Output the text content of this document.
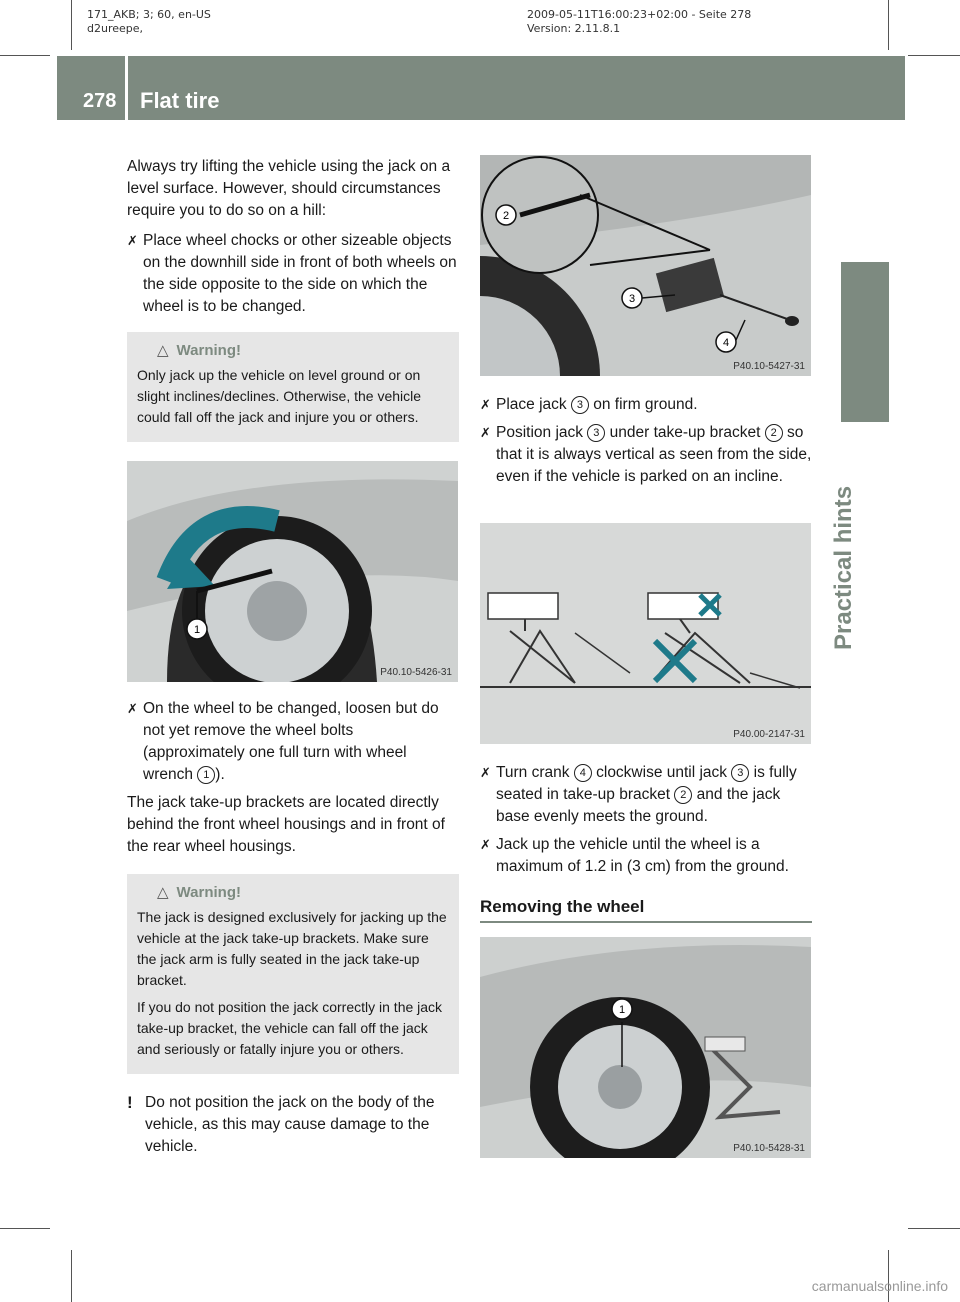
171_AKB; 3; 60, en-US
d2ureepe,
2009-05-11T16:00:23+02:00 - Seite 278
Version: 2.11.8.1
278 Flat tire
Practical hints

Always try lifting the vehicle using the jack on a level surface. However, should circumstances require you to do so on a hill:

✗ Place wheel chocks or other sizeable objects on the downhill side in front of both wheels on the side opposite to the side on which the wheel is to be changed.
△ Warning!

Only jack up the vehicle on level ground or on slight inclines/declines. Otherwise, the vehicle could fall off the jack and injure you or others.

1
P40.10-5426-31
✗ On the wheel to be changed, loosen but do not yet remove the wheel bolts (approximately one full turn with wheel wrench 1 ).

The jack take-up brackets are located directly behind the front wheel housings and in front of the rear wheel housings.

△ Warning!

The jack is designed exclusively for jacking up the vehicle at the jack take-up brackets. Make sure the jack arm is fully seated in the jack take-up bracket.

If you do not position the jack correctly in the jack take-up bracket, the vehicle can fall off the jack and seriously or fatally injure you or others.

! Do not position the jack on the body of the vehicle, as this may cause damage to the vehicle.
2
3
4
P40.10-5427-31
✗ Place jack 3 on firm ground.
✗ Position jack 3 under take-up bracket 2 so that it is always vertical as seen from the side, even if the vehicle is parked on an incline.
P40.00-2147-31
✗ Turn crank 4 clockwise until jack 3 is fully seated in take-up bracket 2 and the jack base evenly meets the ground.
✗ Jack up the vehicle until the wheel is a maximum of 1.2 in (3 cm) from the ground.
Removing the wheel
1
P40.10-5428-31
carmanualsonline.info
